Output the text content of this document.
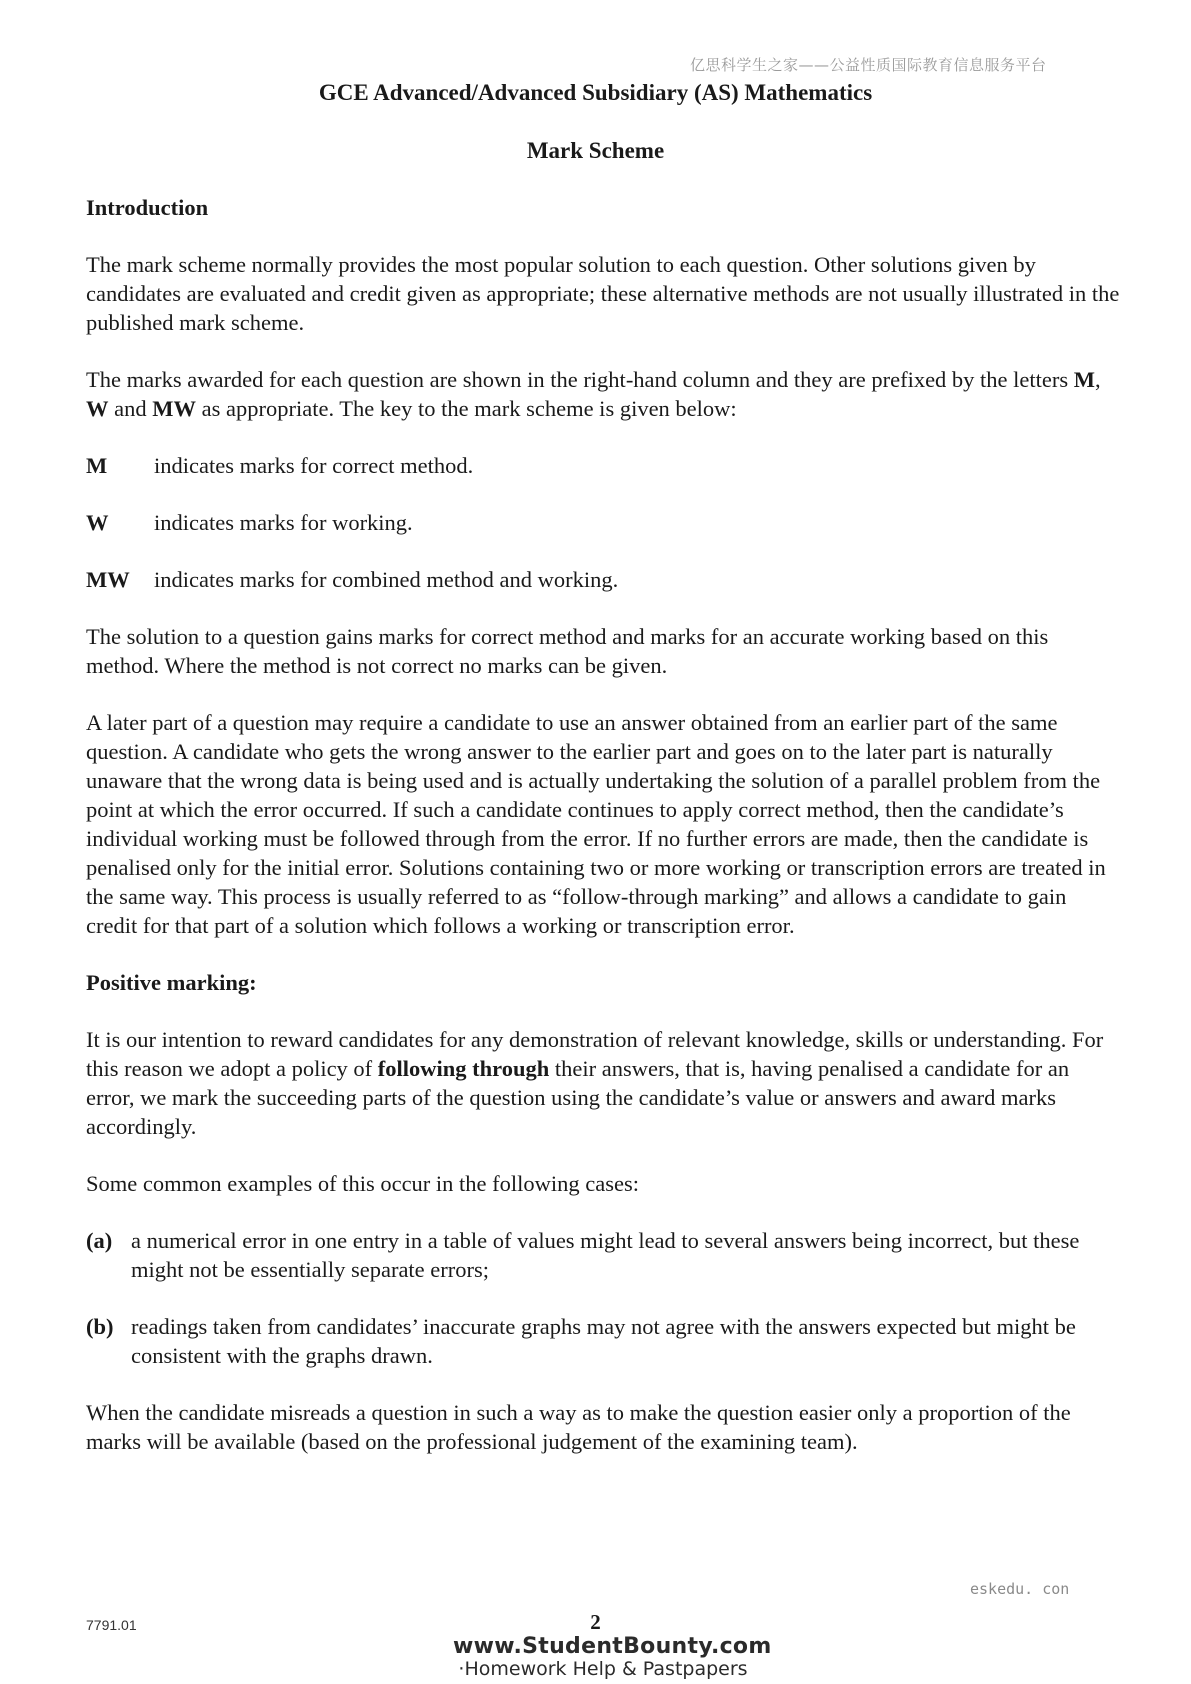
亿思科学生之家——公益性质国际教育信息服务平台
GCE Advanced/Advanced Subsidiary (AS) Mathematics
Mark Scheme
Introduction

The mark scheme normally provides the most popular solution to each question. Other solutions given by candidates are evaluated and credit given as appropriate; these alternative methods are not usually illustrated in the published mark scheme.

The marks awarded for each question are shown in the right-hand column and they are prefixed by the letters M, W and MW as appropriate. The key to the mark scheme is given below:

M	indicates marks for correct method.
W	indicates marks for working.
MW	indicates marks for combined method and working.

The solution to a question gains marks for correct method and marks for an accurate working based on this method. Where the method is not correct no marks can be given.

A later part of a question may require a candidate to use an answer obtained from an earlier part of the same question. A candidate who gets the wrong answer to the earlier part and goes on to the later part is naturally unaware that the wrong data is being used and is actually undertaking the solution of a parallel problem from the point at which the error occurred. If such a candidate continues to apply correct method, then the candidate’s individual working must be followed through from the error. If no further errors are made, then the candidate is penalised only for the initial error. Solutions containing two or more working or transcription errors are treated in the same way. This process is usually referred to as “follow-through marking” and allows a candidate to gain credit for that part of a solution which follows a working or transcription error.

Positive marking:

It is our intention to reward candidates for any demonstration of relevant knowledge, skills or understanding. For this reason we adopt a policy of following through their answers, that is, having penalised a candidate for an error, we mark the succeeding parts of the question using the candidate’s value or answers and award marks accordingly.

Some common examples of this occur in the following cases:

(a) a numerical error in one entry in a table of values might lead to several answers being incorrect, but these might not be essentially separate errors;
(b) readings taken from candidates’ inaccurate graphs may not agree with the answers expected but might be consistent with the graphs drawn.

When the candidate misreads a question in such a way as to make the question easier only a proportion of the marks will be available (based on the professional judgement of the examining team).

eskedu. con
7791.01	2
www.StudentBounty.com
·Homework Help & Pastpapers
